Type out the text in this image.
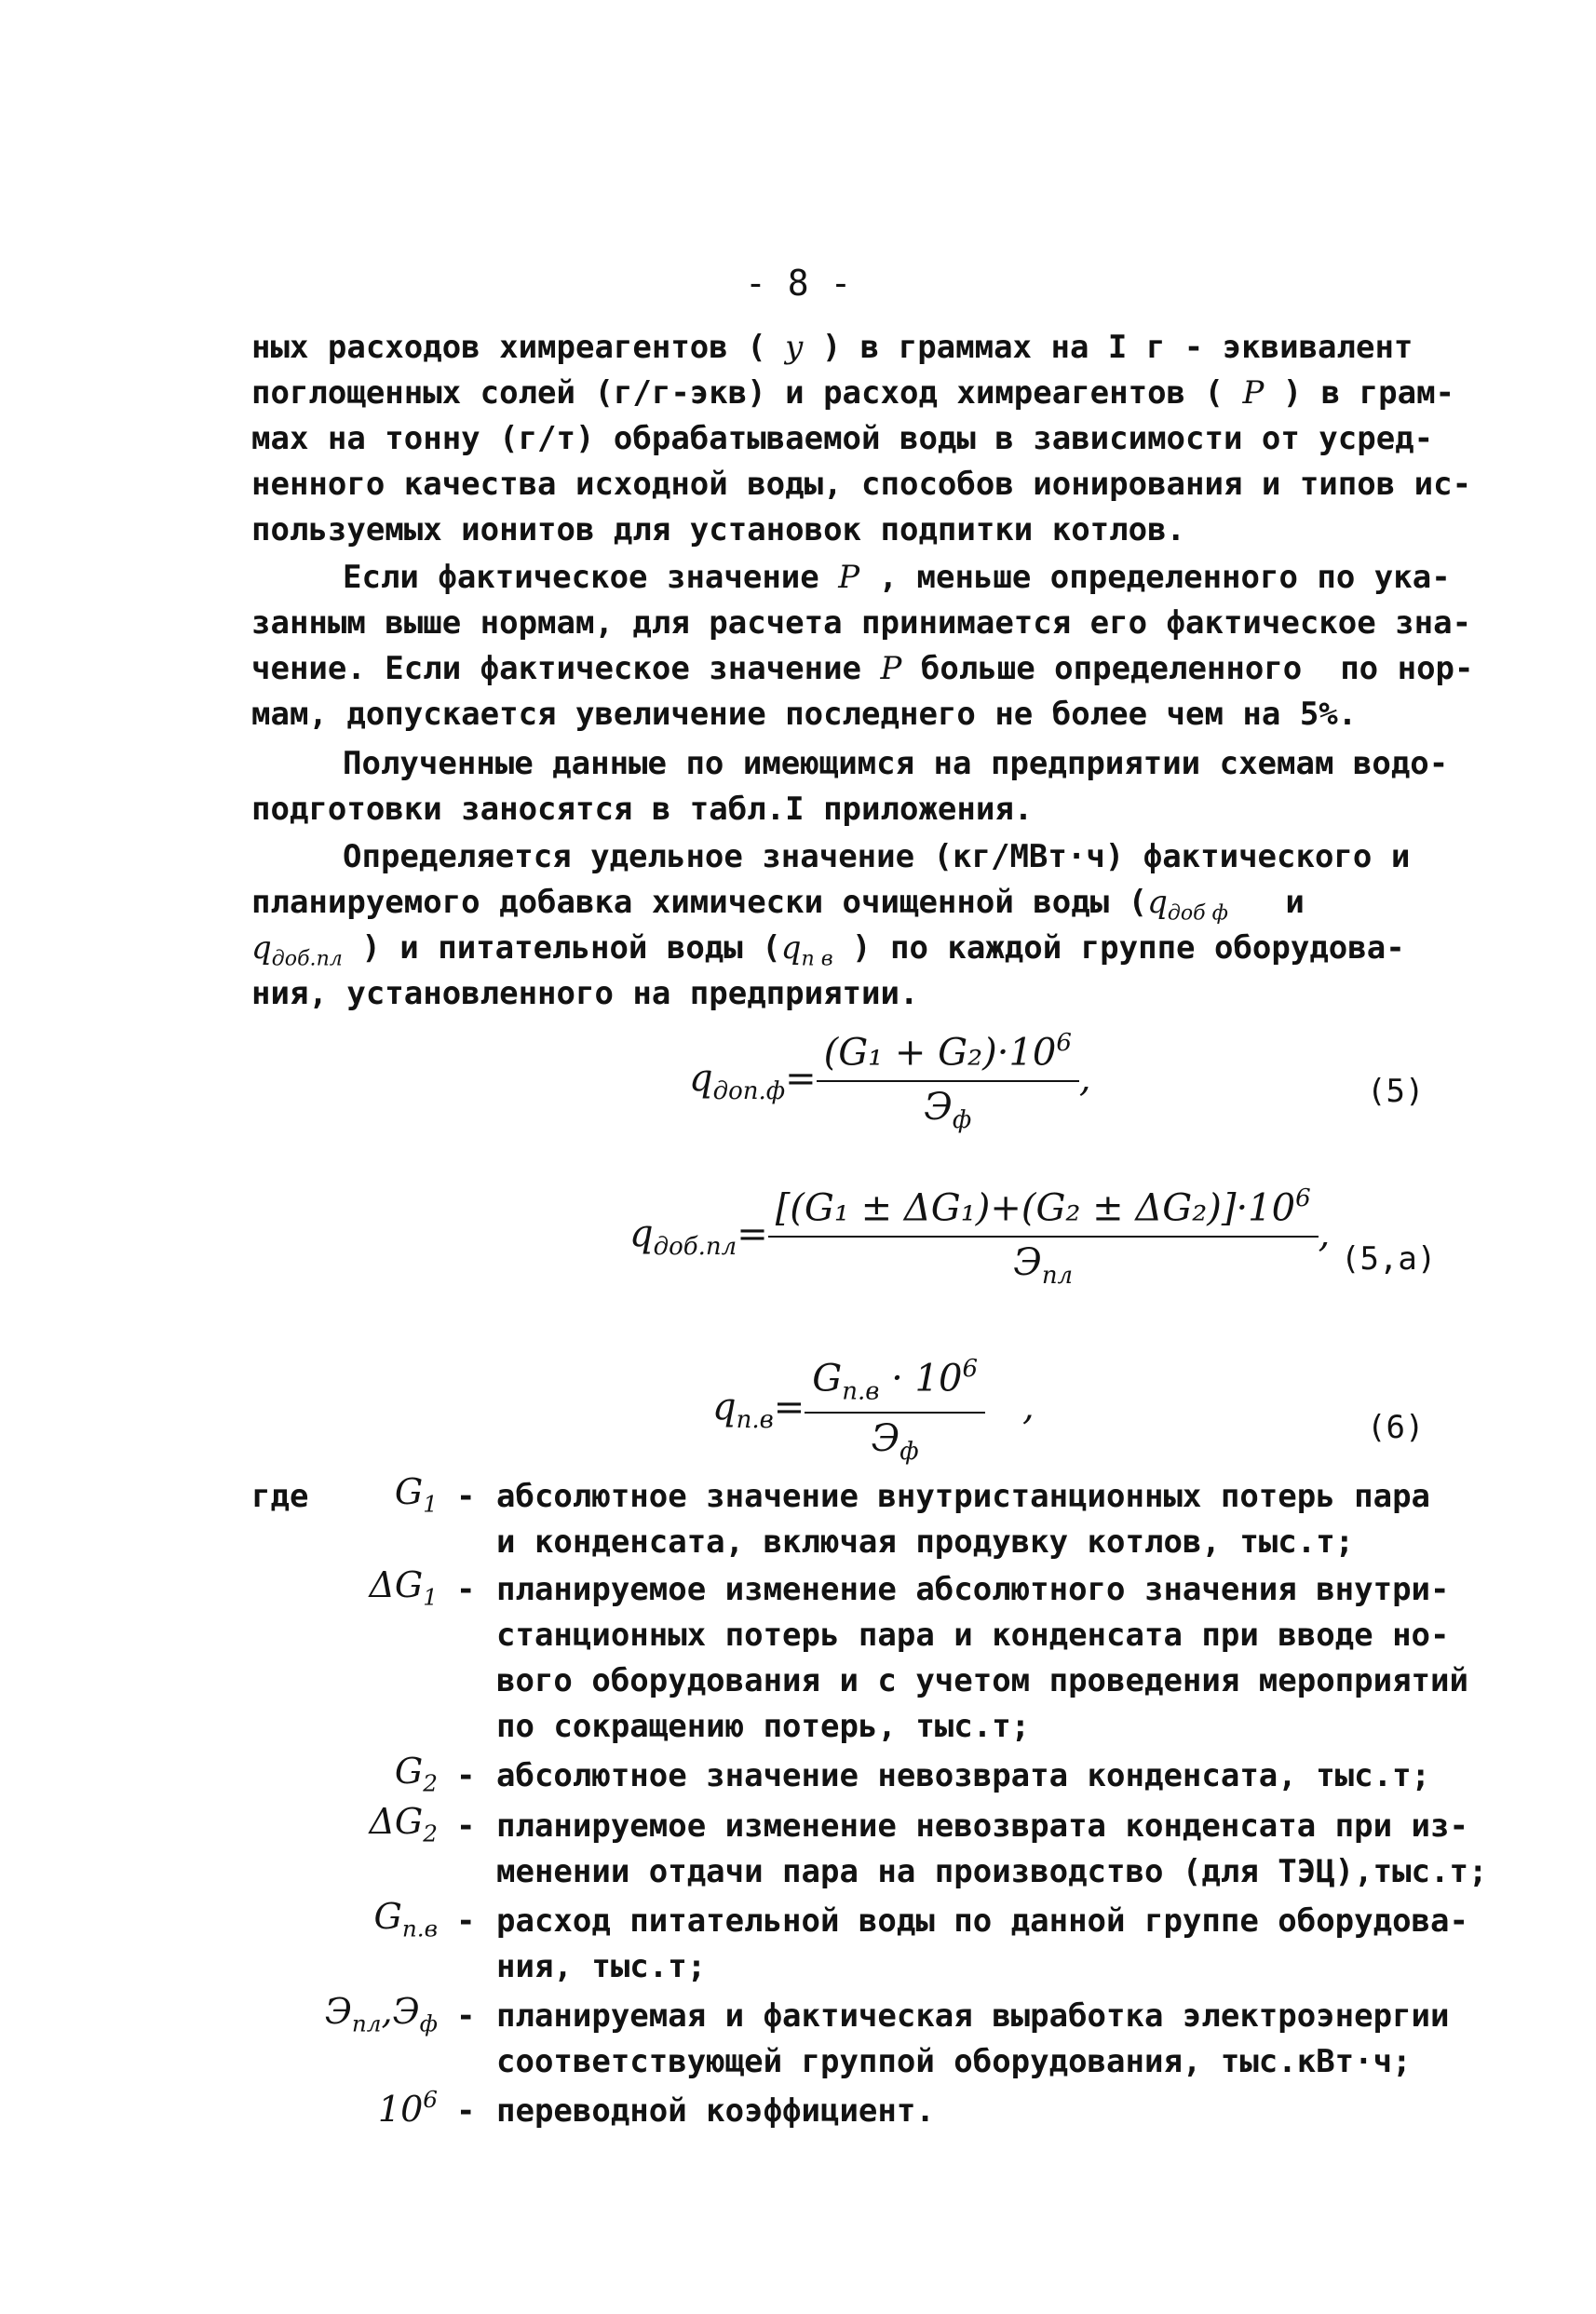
- 8 -
ных расходов химреагентов ( y ) в граммах на I г - эквивалент
поглощенных солей (г/г-экв) и расход химреагентов ( P ) в грам-
мах на тонну (г/т) обрабатываемой воды в зависимости от усред-
ненного качества исходной воды, способов ионирования и типов ис-
пользуемых ионитов для установок подпитки котлов.
Если фактическое значение P , меньше определенного по ука-
занным выше нормам, для расчета принимается его фактическое зна-
чение. Если фактическое значение P больше определенного  по нор-
мам, допускается увеличение последнего не более чем на 5%.
Полученные данные по имеющимся на предприятии схемам водо-
подготовки заносятся в табл.I приложения.
Определяется удельное значение (кг/МВт·ч) фактического и
планируемого добавка химически очищенной воды ($q_{доб ф}$   и
$q_{доб.пл}$ ) и питательной воды ($q_{п в}$ ) по каждой группе оборудова-
ния, установленного на предприятии.
$q_{доп.ф}= \frac{(G_1 + G_2)\cdot 10^6}{Э_ф}$ ,	(5)
$q_{доб.пл}= \frac{[(G_1 \pm \Delta G_1)+(G_2 \pm \Delta G_2)]\cdot 10^6}{Э_{пл}}$ ,
(5,а)
$q_{п.в}= \frac{G_{п.в} \cdot 10^6}{Э_ф}$ ,	(6)
где	$G_1$ - абсолютное значение внутристанционных потерь пара
и конденсата, включая продувку котлов, тыс.т;
$\Delta G_1$ - планируемое изменение абсолютного значения внутри-
станционных потерь пара и конденсата при вводе но-
вого оборудования и с учетом проведения мероприятий
по сокращению потерь, тыс.т;
$G_2$ - абсолютное значение невозврата конденсата, тыс.т;
$\Delta G_2$ - планируемое изменение невозврата конденсата при из-
менении отдачи пара на производство (для ТЭЦ),тыс.т;
$G_{п.в}$ - расход питательной воды по данной группе оборудова-
ния, тыс.т;
$Э_{пл},Э_ф$ - планируемая и фактическая выработка электроэнергии
соответствующей группой оборудования, тыс.кВт·ч;
$10^6$ - переводной коэффициент.
